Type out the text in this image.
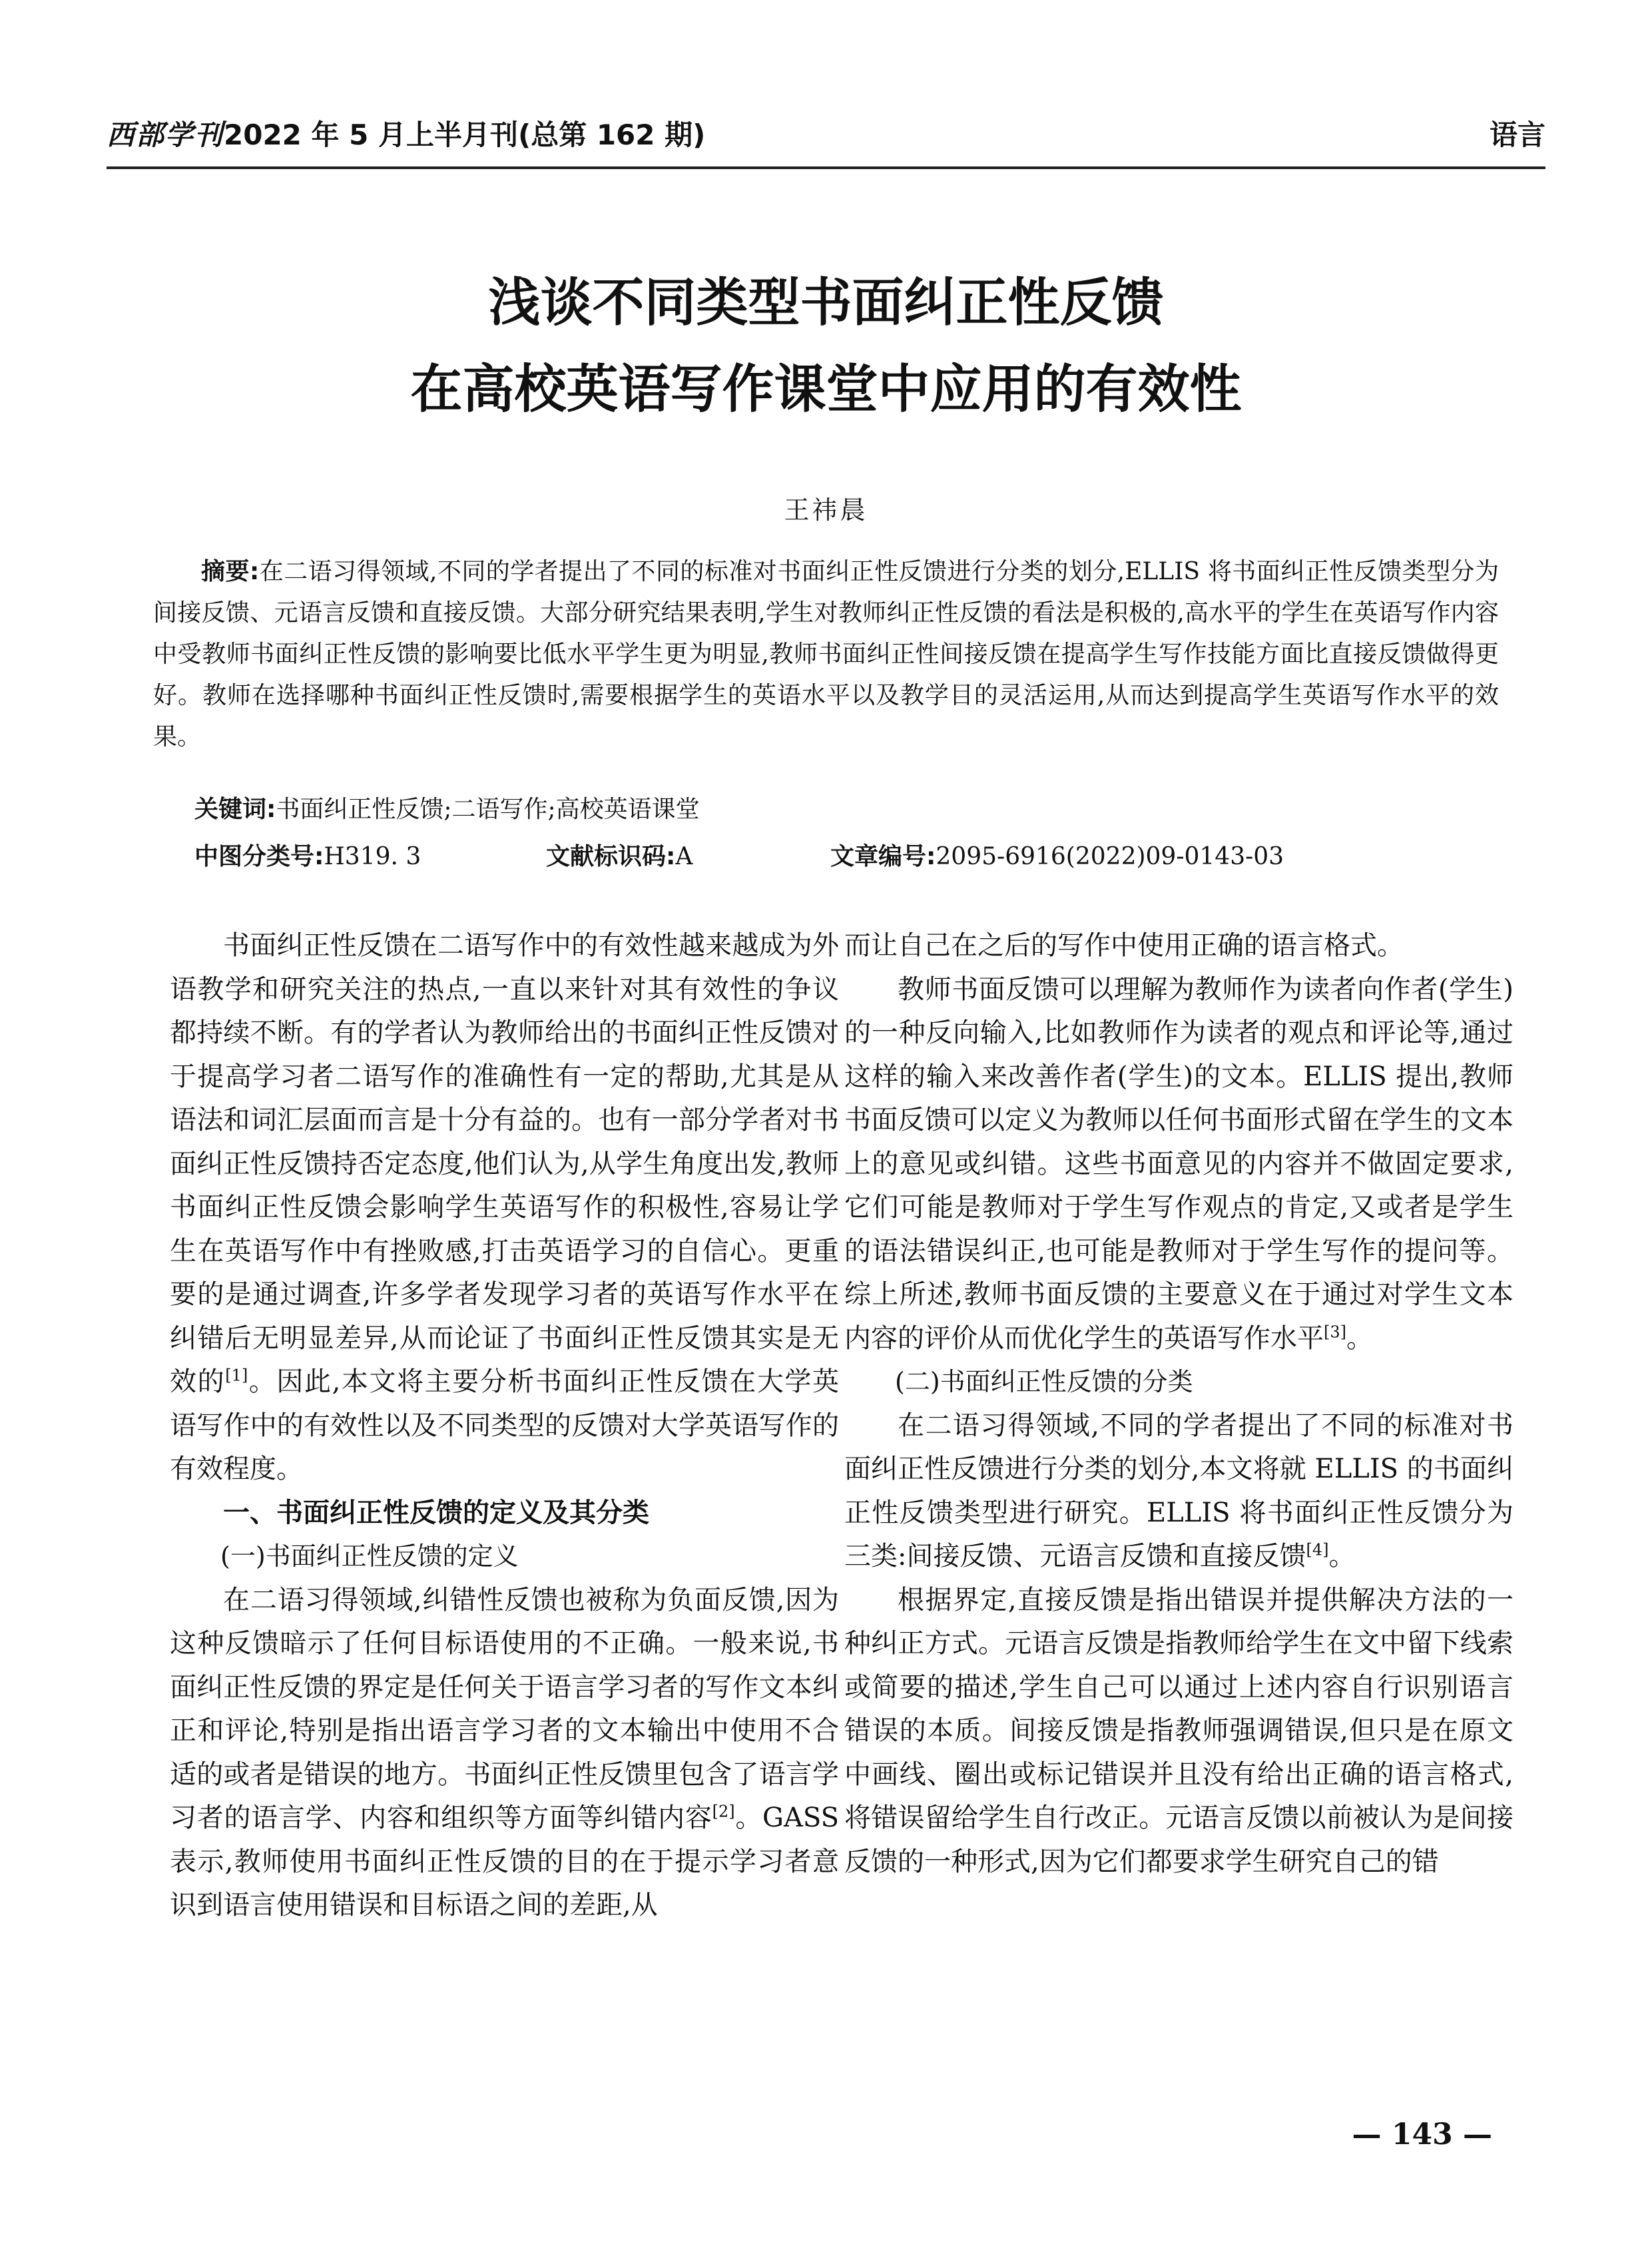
西部学刊2022 年 5 月上半月刊(总第 162 期)	语言
浅谈不同类型书面纠正性反馈
在高校英语写作课堂中应用的有效性
王祎晨

摘要:在二语习得领域,不同的学者提出了不同的标准对书面纠正性反馈进行分类的划分,ELLIS 将书面纠正性反馈类型分为间接反馈、元语言反馈和直接反馈。大部分研究结果表明,学生对教师纠正性反馈的看法是积极的,高水平的学生在英语写作内容中受教师书面纠正性反馈的影响要比低水平学生更为明显,教师书面纠正性间接反馈在提高学生写作技能方面比直接反馈做得更好。教师在选择哪种书面纠正性反馈时,需要根据学生的英语水平以及教学目的灵活运用,从而达到提高学生英语写作水平的效果。

关键词:书面纠正性反馈;二语写作;高校英语课堂
中图分类号:H319. 3	文献标识码:A	文章编号:2095-6916(2022)09-0143-03

书面纠正性反馈在二语写作中的有效性越来越成为外语教学和研究关注的热点,一直以来针对其有效性的争议都持续不断。有的学者认为教师给出的书面纠正性反馈对于提高学习者二语写作的准确性有一定的帮助,尤其是从语法和词汇层面而言是十分有益的。也有一部分学者对书面纠正性反馈持否定态度,他们认为,从学生角度出发,教师书面纠正性反馈会影响学生英语写作的积极性,容易让学生在英语写作中有挫败感,打击英语学习的自信心。更重要的是通过调查,许多学者发现学习者的英语写作水平在纠错后无明显差异,从而论证了书面纠正性反馈其实是无效的[1]。因此,本文将主要分析书面纠正性反馈在大学英语写作中的有效性以及不同类型的反馈对大学英语写作的有效程度。

一、书面纠正性反馈的定义及其分类
(一)书面纠正性反馈的定义

在二语习得领域,纠错性反馈也被称为负面反馈,因为这种反馈暗示了任何目标语使用的不正确。一般来说,书面纠正性反馈的界定是任何关于语言学习者的写作文本纠正和评论,特别是指出语言学习者的文本输出中使用不合适的或者是错误的地方。书面纠正性反馈里包含了语言学习者的语言学、内容和组织等方面等纠错内容[2]。GASS 表示,教师使用书面纠正性反馈的目的在于提示学习者意识到语言使用错误和目标语之间的差距,从

而让自己在之后的写作中使用正确的语言格式。

教师书面反馈可以理解为教师作为读者向作者(学生)的一种反向输入,比如教师作为读者的观点和评论等,通过这样的输入来改善作者(学生)的文本。ELLIS 提出,教师书面反馈可以定义为教师以任何书面形式留在学生的文本上的意见或纠错。这些书面意见的内容并不做固定要求,它们可能是教师对于学生写作观点的肯定,又或者是学生的语法错误纠正,也可能是教师对于学生写作的提问等。综上所述,教师书面反馈的主要意义在于通过对学生文本内容的评价从而优化学生的英语写作水平[3]。

(二)书面纠正性反馈的分类

在二语习得领域,不同的学者提出了不同的标准对书面纠正性反馈进行分类的划分,本文将就 ELLIS 的书面纠正性反馈类型进行研究。ELLIS 将书面纠正性反馈分为三类:间接反馈、元语言反馈和直接反馈[4]。

根据界定,直接反馈是指出错误并提供解决方法的一种纠正方式。元语言反馈是指教师给学生在文中留下线索或简要的描述,学生自己可以通过上述内容自行识别语言错误的本质。间接反馈是指教师强调错误,但只是在原文中画线、圈出或标记错误并且没有给出正确的语言格式,将错误留给学生自行改正。元语言反馈以前被认为是间接反馈的一种形式,因为它们都要求学生研究自己的错

— 143 —
